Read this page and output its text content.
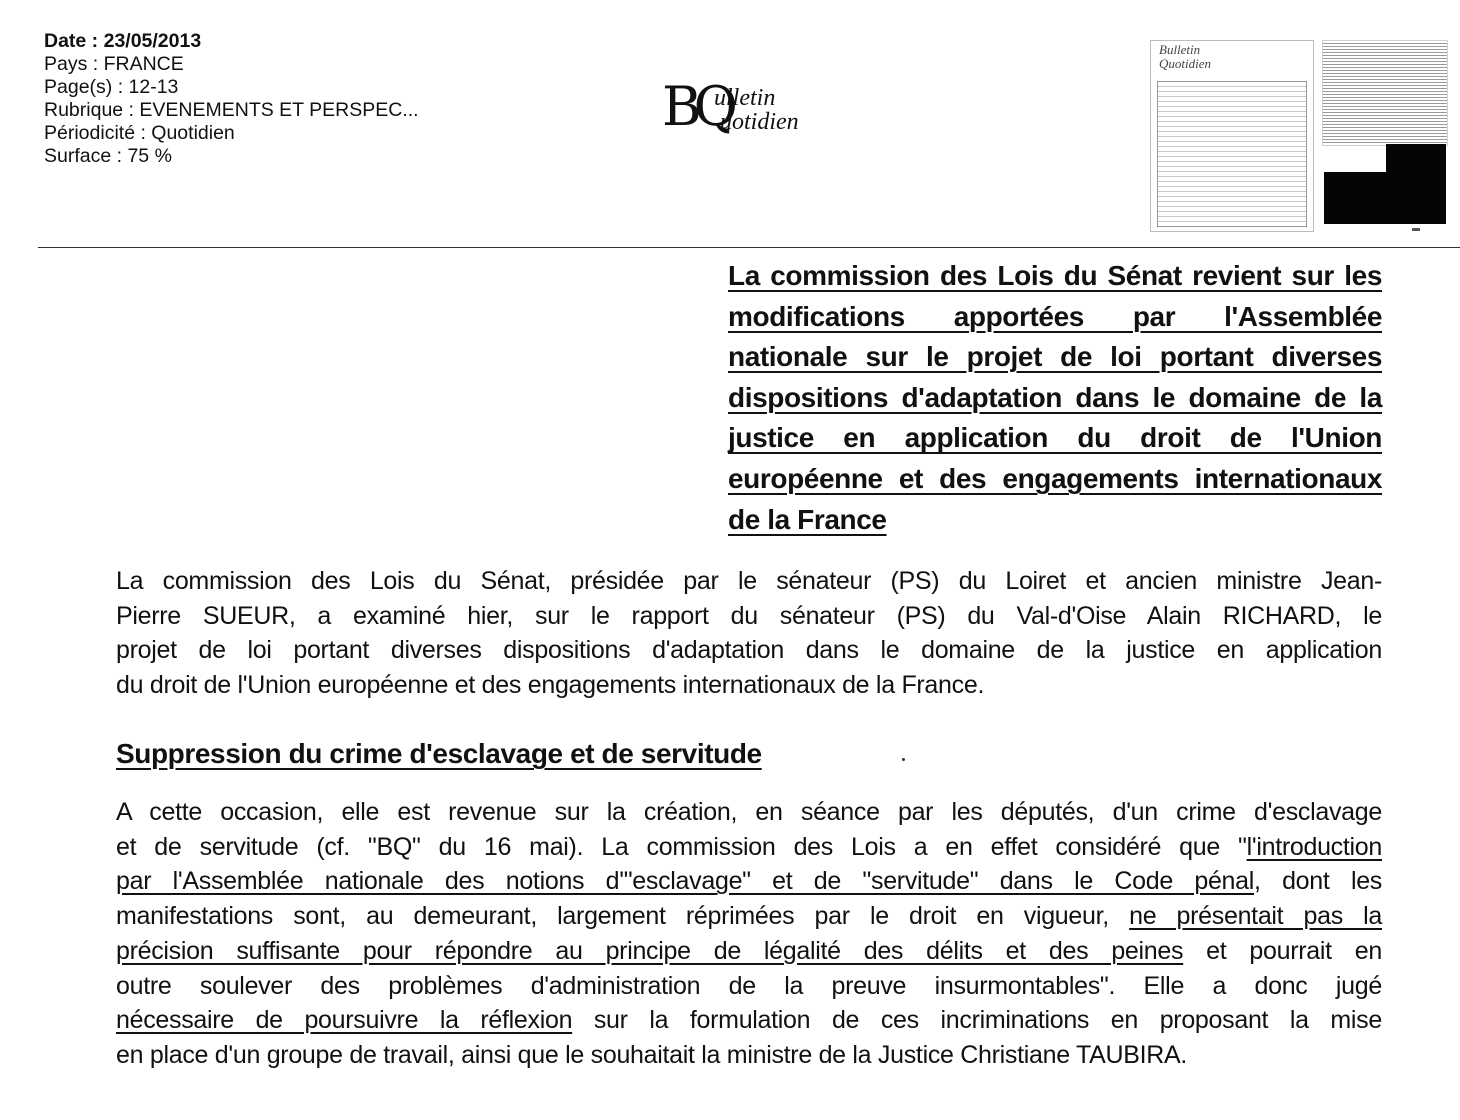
Date : 23/05/2013
Pays : FRANCE
Page(s) : 12-13
Rubrique : EVENEMENTS ET PERSPEC...
Périodicité : Quotidien
Surface : 75 %
BQ
ulletin
uotidien
Bulletin
Quotidien
La commission des Lois du Sénat revient sur les
modifications apportées par l'Assemblée
nationale sur le projet de loi portant diverses
dispositions d'adaptation dans le domaine de la
justice en application du droit de l'Union
européenne et des engagements internationaux
de la France
La commission des Lois du Sénat, présidée par le sénateur (PS) du Loiret et ancien ministre Jean-
Pierre SUEUR, a examiné hier, sur le rapport du sénateur (PS) du Val-d'Oise Alain RICHARD, le
projet de loi portant diverses dispositions d'adaptation dans le domaine de la justice en application
du droit de l'Union européenne et des engagements internationaux de la France.
Suppression du crime d'esclavage et de servitude
A cette occasion, elle est revenue sur la création, en séance par les députés, d'un crime d'esclavage
et de servitude (cf. "BQ" du 16 mai). La commission des Lois a en effet considéré que "l'introduction
par l'Assemblée nationale des notions d'"esclavage" et de "servitude" dans le Code pénal, dont les
manifestations sont, au demeurant, largement réprimées par le droit en vigueur, ne présentait pas la
précision suffisante pour répondre au principe de légalité des délits et des peines et pourrait en
outre soulever des problèmes d'administration de la preuve insurmontables". Elle a donc jugé
nécessaire de poursuivre la réflexion sur la formulation de ces incriminations en proposant la mise
en place d'un groupe de travail, ainsi que le souhaitait la ministre de la Justice Christiane TAUBIRA.
